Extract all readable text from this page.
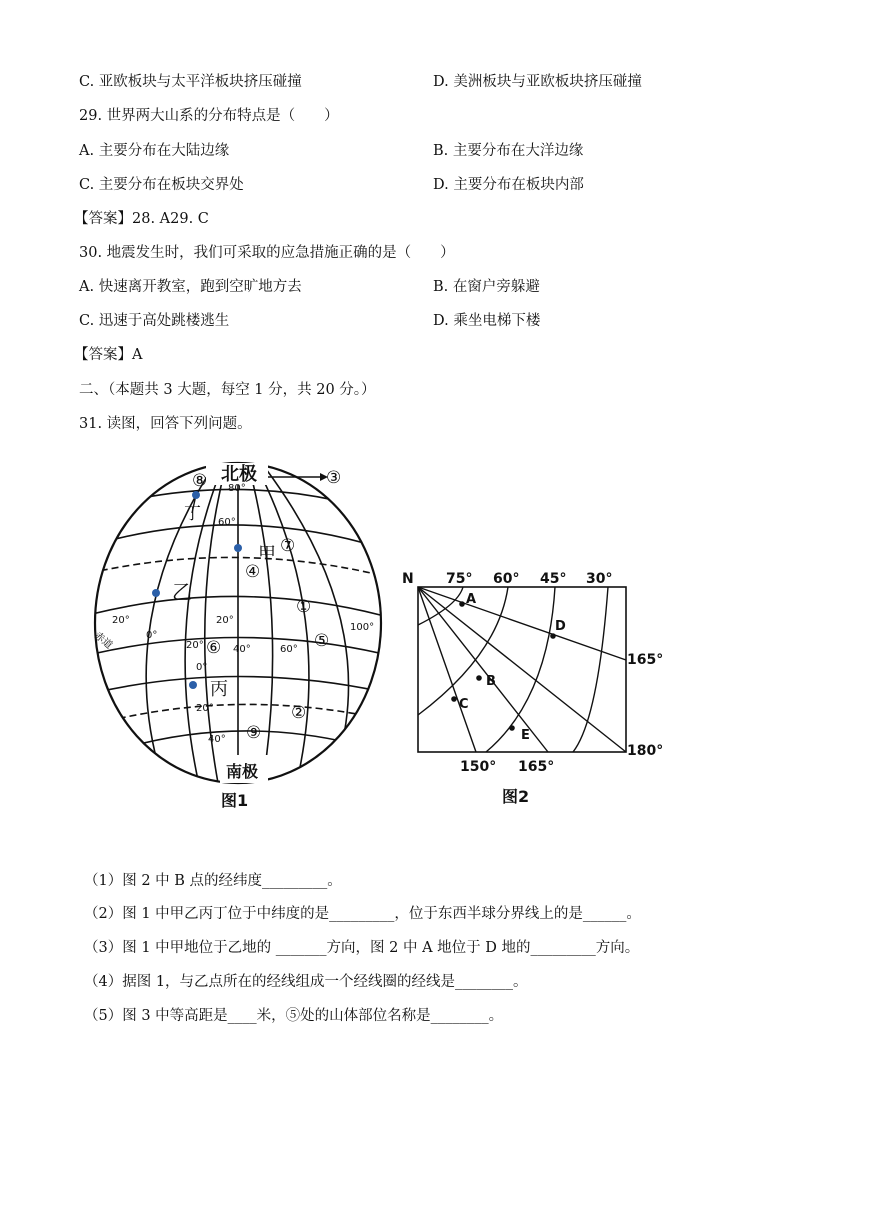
C. 亚欧板块与太平洋板块挤压碰撞	D. 美洲板块与亚欧板块挤压碰撞
29. 世界两大山系的分布特点是（　　）
A. 主要分布在大陆边缘	B. 主要分布在大洋边缘
C. 主要分布在板块交界处	D. 主要分布在板块内部
【答案】28. A29. C
30. 地震发生时，我们可采取的应急措施正确的是（　　）
A. 快速离开教室，跑到空旷地方去	B. 在窗户旁躲避
C. 迅速于高处跳楼逃生	D. 乘坐电梯下楼
【答案】A
二、（本题共 3 大题，每空 1 分，共 20 分。）
31. 读图，回答下列问题。
北极
⑧	③
丁
80°
60°
甲 ⑦
④
乙
①
20°	20°
赤道	0°
20° ⑥ 40°	60° ⑤
100°
0°
丙
20°	②
40° ⑨
南极
图1
N 75° 60° 45° 30°
A
B
C
D
E
165°
180°
150° 165°
图2
（1）图 2 中 B 点的经纬度_________。
（2）图 1 中甲乙丙丁位于中纬度的是_________，位于东西半球分界线上的是______。
（3）图 1 中甲地位于乙地的 _______方向，图 2 中 A 地位于 D 地的_________方向。
（4）据图 1，与乙点所在的经线组成一个经线圈的经线是________。
（5）图 3 中等高距是____米，⑤处的山体部位名称是________。
